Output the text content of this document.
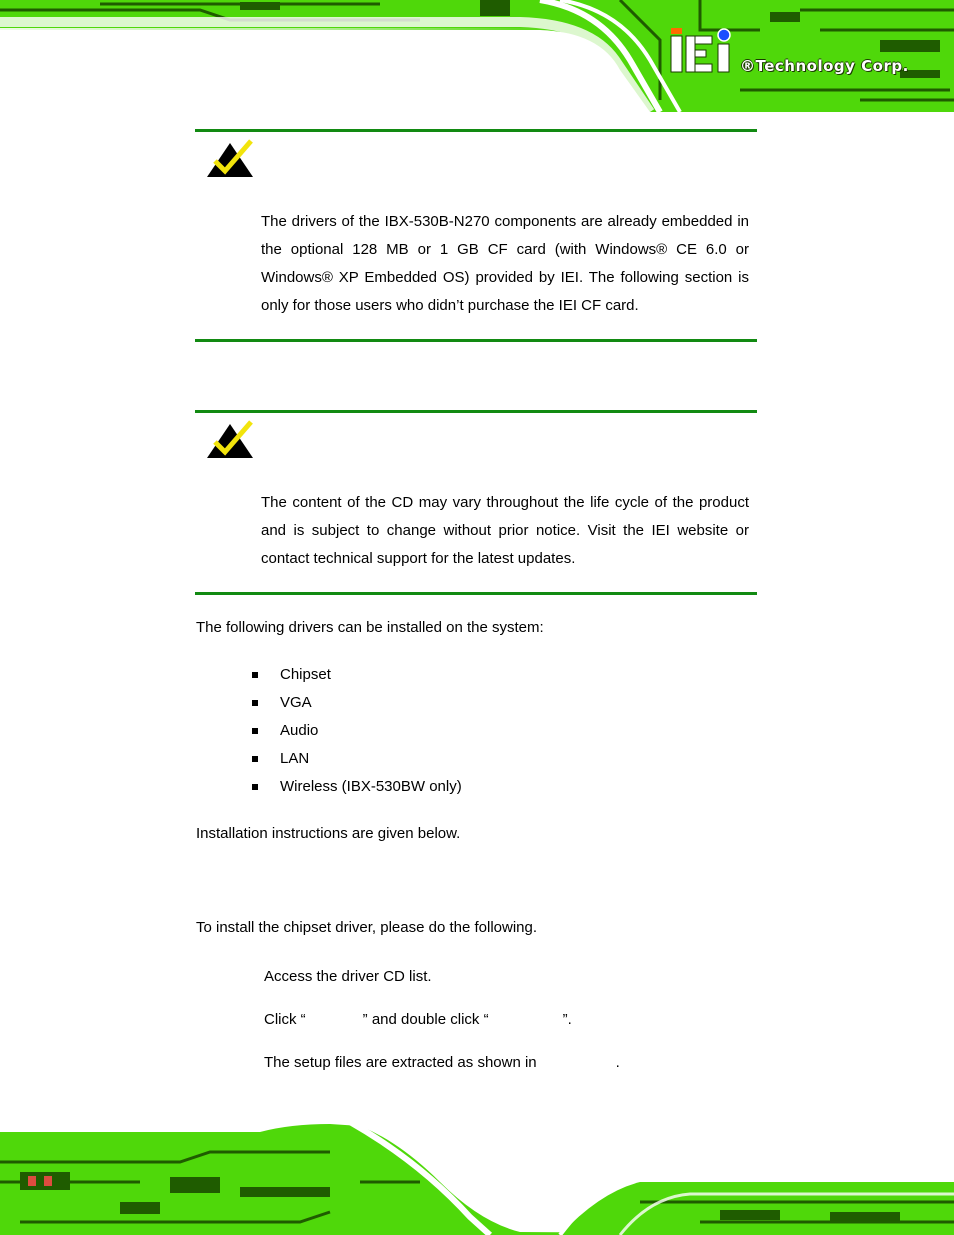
®Technology Corp.
The drivers of the IBX-530B-N270 components are already embedded in the optional 128 MB or 1 GB CF card (with Windows® CE 6.0 or Windows® XP Embedded OS) provided by IEI. The following section is only for those users who didn’t purchase the IEI CF card.
The content of the CD may vary throughout the life cycle of the product and is subject to change without prior notice. Visit the IEI website or contact technical support for the latest updates.
The following drivers can be installed on the system:
Chipset
VGA
Audio
LAN
Wireless (IBX-530BW only)
Installation instructions are given below.
To install the chipset driver, please do the following.
Access the driver CD list.
Click “	” and double click “	”.
The setup files are extracted as shown in	.
